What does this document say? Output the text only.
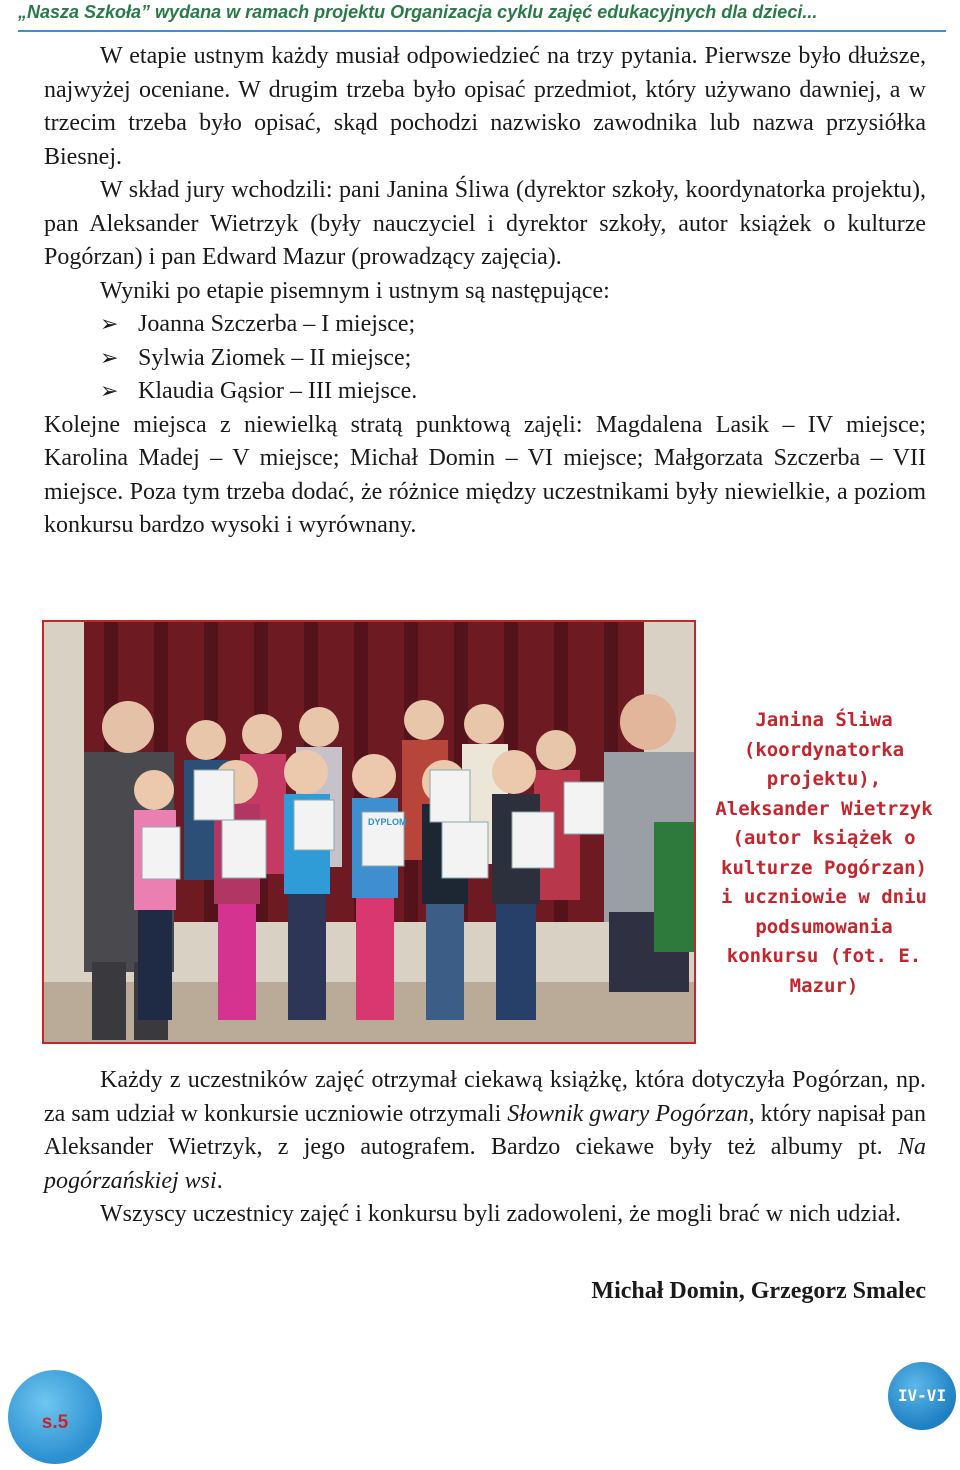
„Nasza Szkoła” wydana w ramach projektu Organizacja cyklu zajęć edukacyjnych dla dzieci...

W etapie ustnym każdy musiał odpowiedzieć na trzy pytania. Pierwsze było dłuższe, najwyżej oceniane. W drugim trzeba było opisać przedmiot, który używano dawniej, a w trzecim trzeba było opisać, skąd pochodzi nazwisko zawodnika lub nazwa przysiółka Biesnej.

W skład jury wchodzili: pani Janina Śliwa (dyrektor szkoły, koordynatorka projektu), pan Aleksander Wietrzyk (były nauczyciel i dyrektor szkoły, autor książek o kulturze Pogórzan) i pan Edward Mazur (prowadzący zajęcia).

Wyniki po etapie pisemnym i ustnym są następujące:

➢ Joanna Szczerba – I miejsce;
➢ Sylwia Ziomek – II miejsce;
➢ Klaudia Gąsior – III miejsce.

Kolejne miejsca z niewielką stratą punktową zajęli: Magdalena Lasik – IV miejsce; Karolina Madej – V miejsce; Michał Domin – VI miejsce; Małgorzata Szczerba – VII miejsce. Poza tym trzeba dodać, że różnice między uczestnikami były niewielkie, a poziom konkursu bardzo wysoki i wyrównany.

DYPLOM
Janina Śliwa (koordynatorka projektu), Aleksander Wietrzyk (autor książek o kulturze Pogórzan) i uczniowie w dniu podsumowania konkursu (fot. E. Mazur)

Każdy z uczestników zajęć otrzymał ciekawą książkę, która dotyczyła Pogórzan, np. za sam udział w konkursie uczniowie otrzymali Słownik gwary Pogórzan, który napisał pan Aleksander Wietrzyk, z jego autografem. Bardzo ciekawe były też albumy pt. Na pogórzańskiej wsi.

Wszyscy uczestnicy zajęć i konkursu byli zadowoleni, że mogli brać w nich udział.

Michał Domin, Grzegorz Smalec
s.5
IV-VI
